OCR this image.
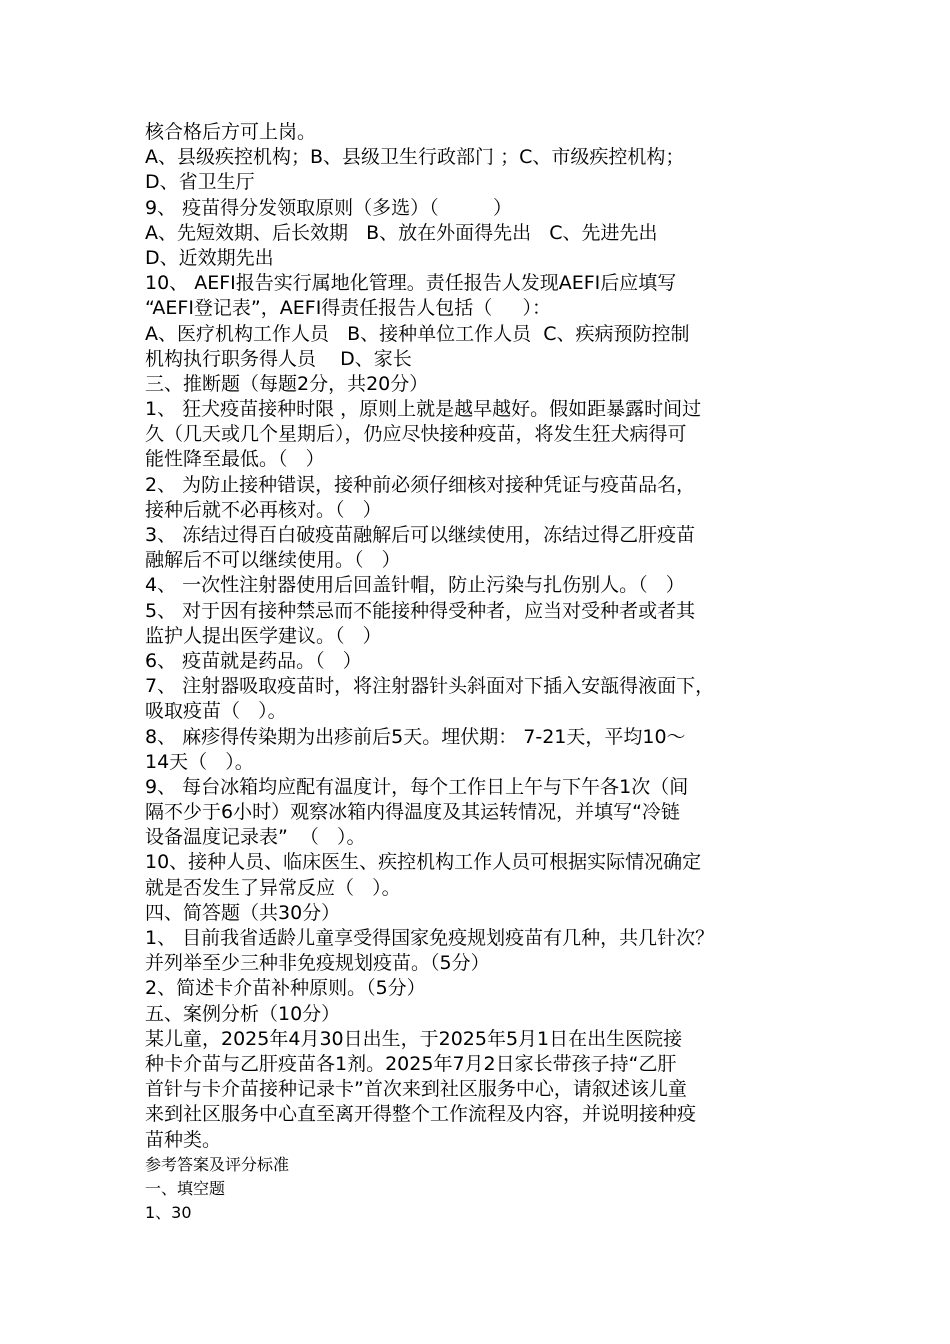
核合格后方可上岗。
A、县级疾控机构；B、县级卫生行政部门 ；C、市级疾控机构；
D、省卫生厅
9、 疫苗得分发领取原则（多选）（         ）
A、先短效期、后长效期   B、放在外面得先出   C、先进先出
D、近效期先出
10、 AEFI报告实行属地化管理。责任报告人发现AEFI后应填写
“AEFI登记表”，AEFI得责任报告人包括（     ）：
A、医疗机构工作人员   B、接种单位工作人员  C、疾病预防控制
机构执行职务得人员    D、家长
三、推断题（每题2分，共20分）
1、 狂犬疫苗接种时限 ，原则上就是越早越好。假如距暴露时间过
久（几天或几个星期后），仍应尽快接种疫苗，将发生狂犬病得可
能性降至最低。（   ）
2、 为防止接种错误，接种前必须仔细核对接种凭证与疫苗品名，
接种后就不必再核对。（   ）
3、 冻结过得百白破疫苗融解后可以继续使用，冻结过得乙肝疫苗
融解后不可以继续使用。（   ）
4、 一次性注射器使用后回盖针帽，防止污染与扎伤别人。（   ）
5、 对于因有接种禁忌而不能接种得受种者，应当对受种者或者其
监护人提出医学建议。（   ）
6、 疫苗就是药品。（   ）
7、 注射器吸取疫苗时，将注射器针头斜面对下插入安瓿得液面下，
吸取疫苗（   ）。
8、 麻疹得传染期为出疹前后5天。埋伏期： 7-21天，平均10～
14天（   ）。
9、 每台冰箱均应配有温度计，每个工作日上午与下午各1次（间
隔不少于6小时）观察冰箱内得温度及其运转情况，并填写“冷链
设备温度记录表”  （   ）。
10、接种人员、临床医生、疾控机构工作人员可根据实际情况确定
就是否发生了异常反应（   ）。
四、简答题（共30分）
1、 目前我省适龄儿童享受得国家免疫规划疫苗有几种，共几针次？
并列举至少三种非免疫规划疫苗。（5分）
2、简述卡介苗补种原则。（5分）
五、案例分析（10分）
某儿童，2025年4月30日出生，于2025年5月1日在出生医院接
种卡介苗与乙肝疫苗各1剂。2025年7月2日家长带孩子持“乙肝
首针与卡介苗接种记录卡”首次来到社区服务中心，请叙述该儿童
来到社区服务中心直至离开得整个工作流程及内容，并说明接种疫
苗种类。
参考答案及评分标准
一、填空题
1、30
